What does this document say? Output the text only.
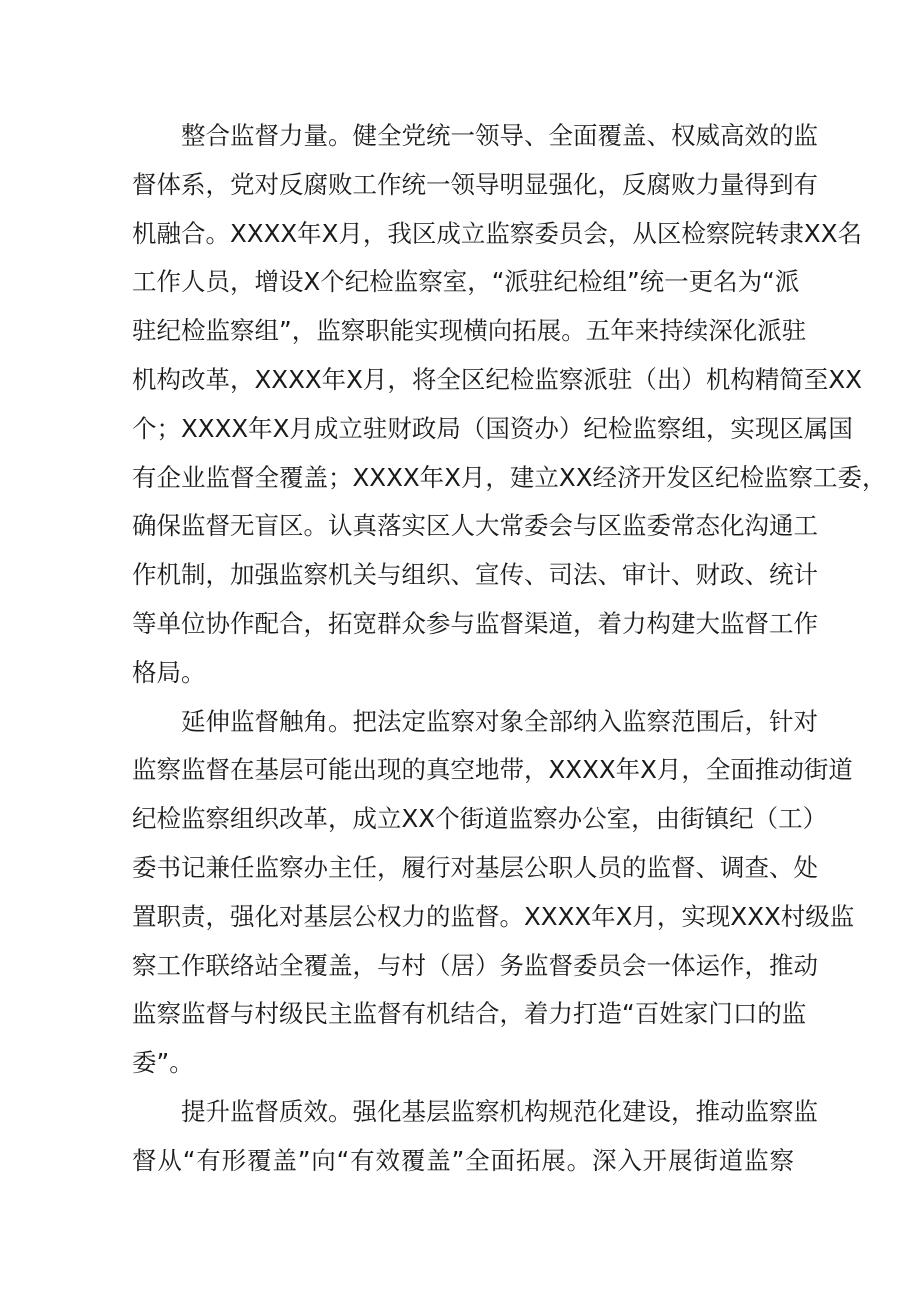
整合监督力量。健全党统一领导、全面覆盖、权威高效的监
督体系，党对反腐败工作统一领导明显强化，反腐败力量得到有
机融合。XXXX年X月，我区成立监察委员会，从区检察院转隶XX名
工作人员，增设X个纪检监察室，“派驻纪检组”统一更名为“派
驻纪检监察组”，监察职能实现横向拓展。五年来持续深化派驻
机构改革，XXXX年X月，将全区纪检监察派驻（出）机构精简至XX
个；XXXX年X月成立驻财政局（国资办）纪检监察组，实现区属国
有企业监督全覆盖；XXXX年X月，建立XX经济开发区纪检监察工委，
确保监督无盲区。认真落实区人大常委会与区监委常态化沟通工
作机制，加强监察机关与组织、宣传、司法、审计、财政、统计
等单位协作配合，拓宽群众参与监督渠道，着力构建大监督工作
格局。

延伸监督触角。把法定监察对象全部纳入监察范围后，针对
监察监督在基层可能出现的真空地带，XXXX年X月，全面推动街道
纪检监察组织改革，成立XX个街道监察办公室，由街镇纪（工）
委书记兼任监察办主任，履行对基层公职人员的监督、调查、处
置职责，强化对基层公权力的监督。XXXX年X月，实现XXX村级监
察工作联络站全覆盖，与村（居）务监督委员会一体运作，推动
监察监督与村级民主监督有机结合，着力打造“百姓家门口的监
委”。

提升监督质效。强化基层监察机构规范化建设，推动监察监
督从“有形覆盖”向“有效覆盖”全面拓展。深入开展街道监察
